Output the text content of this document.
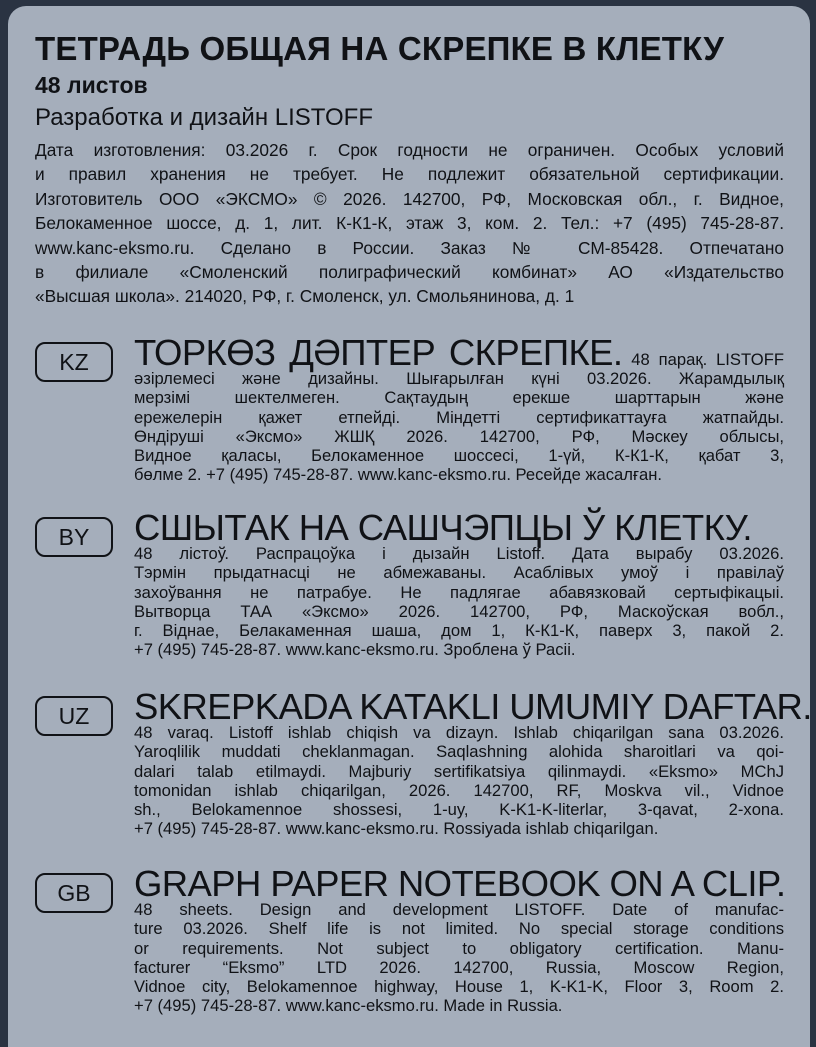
ТЕТРАДЬ ОБЩАЯ НА СКРЕПКЕ В КЛЕТКУ

48 листов

Разработка и дизайн LISTOFF

Дата изготовления: 03.2026 г. Срок годности не ограничен. Особых условий
и правил хранения не требует. Не подлежит обязательной сертификации.
Изготовитель ООО «ЭКСМО» © 2026. 142700, РФ, Московская обл., г. Видное,
Белокаменное шоссе, д. 1, лит. К-К1-К, этаж 3, ком. 2. Тел.: +7 (495) 745-28-87.
www.kanc-eksmo.ru. Сделано в России. Заказ № СМ-85428. Отпечатано
в филиале «Смоленский полиграфический комбинат» АО «Издательство
«Высшая школа». 214020, РФ, г. Смоленск, ул. Смольянинова, д. 1
KZ	ТОРКӨЗ ДӘПТЕР СКРЕПКЕ. 48 парақ. LISTOFF
әзірлемесі және дизайны. Шығарылған күні 03.2026. Жарамдылық
мерзімі шектелмеген. Сақтаудың ерекше шарттарын және
ережелерін қажет етпейді. Міндетті сертификаттауға жатпайды.
Өндіруші «Эксмо» ЖШҚ 2026. 142700, РФ, Мәскеу облысы,
Видное қаласы, Белокаменное шоссесі, 1-үй, К-К1-К, қабат 3,
бөлме 2. +7 (495) 745-28-87. www.kanc-eksmo.ru. Ресейде жасалған.
BY	СШЫТАК НА САШЧЭПЦЫ Ў КЛЕТКУ.
48 лістоў. Распрацоўка і дызайн Listoff. Дата вырабу 03.2026.
Тэрмін прыдатнасці не абмежаваны. Асаблівых умоў і правілаў
захоўвання не патрабуе. Не падлягае абавязковай сертыфікацыі.
Вытворца ТАА «Эксмо» 2026. 142700, РФ, Маскоўская вобл.,
г. Віднае, Белакаменная шаша, дом 1, К-К1-К, паверх 3, пакой 2.
+7 (495) 745-28-87. www.kanc-eksmo.ru. Зроблена ў Расіі.
UZ	SKREPKADA KATAKLI UMUMIY DAFTAR.
48 varaq. Listoff ishlab chiqish va dizayn. Ishlab chiqarilgan sana 03.2026.
Yaroqlilik muddati cheklanmagan. Saqlashning alohida sharoitlari va qoi-
dalari talab etilmaydi. Majburiy sertifikatsiya qilinmaydi. «Eksmo» MChJ
tomonidan ishlab chiqarilgan, 2026. 142700, RF, Moskva vil., Vidnoe
sh., Belokamennoe shossesi, 1-uy, K-K1-K-literlar, 3-qavat, 2-xona.
+7 (495) 745-28-87. www.kanc-eksmo.ru. Rossiyada ishlab chiqarilgan.
GB	GRAPH PAPER NOTEBOOK ON A CLIP.
48 sheets. Design and development LISTOFF. Date of manufac-
ture 03.2026. Shelf life is not limited. No special storage conditions
or requirements. Not subject to obligatory certification. Manu-
facturer “Eksmo” LTD 2026. 142700, Russia, Moscow Region,
Vidnoe city, Belokamennoe highway, House 1, K-K1-K, Floor 3, Room 2.
+7 (495) 745-28-87. www.kanc-eksmo.ru. Made in Russia.
